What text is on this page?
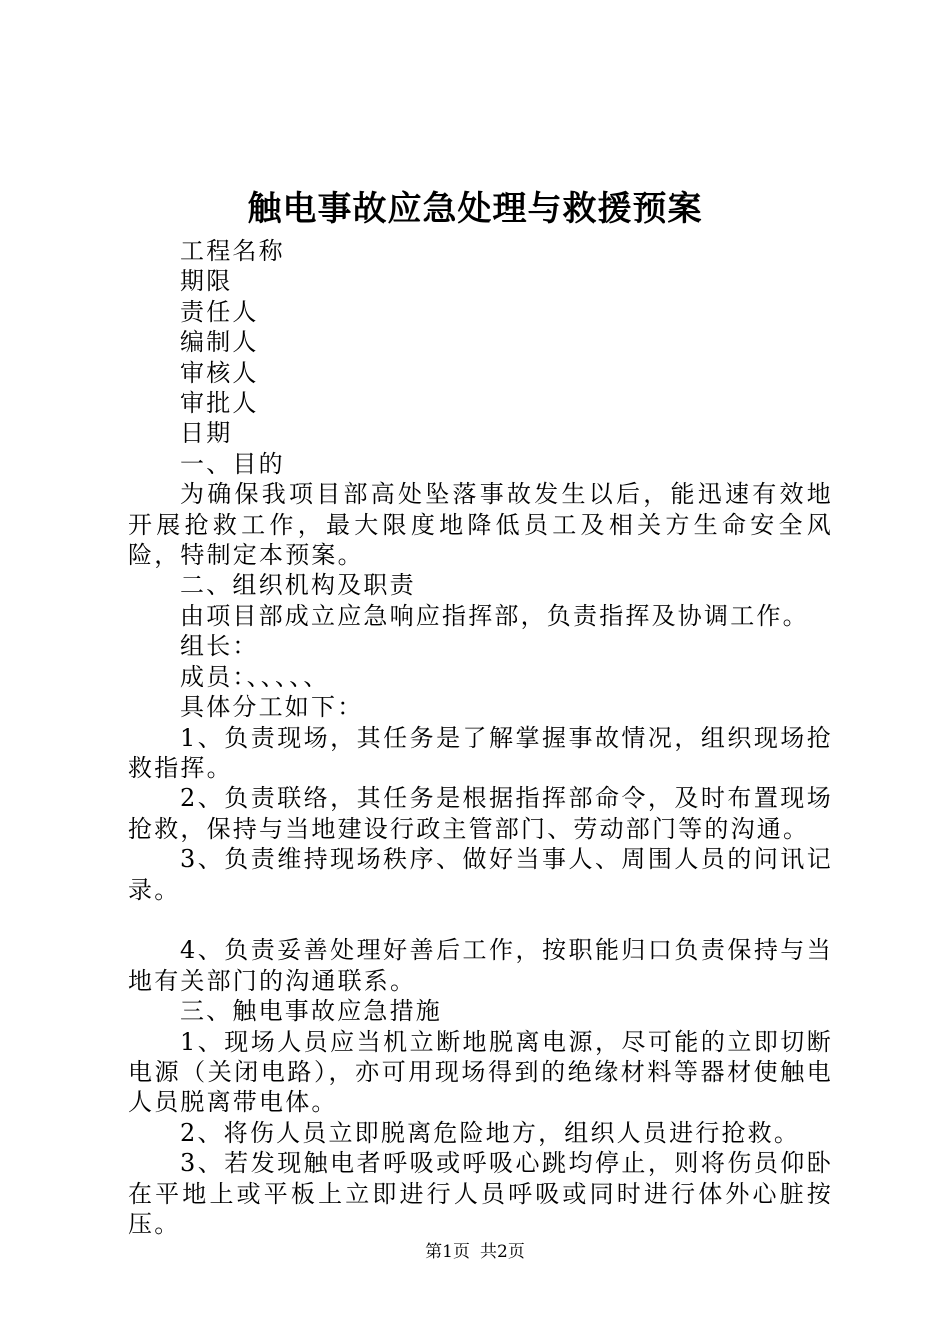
触电事故应急处理与救援预案

工程名称

期限

责任人

编制人

审核人

审批人

日期

一、目的

为确保我项目部高处坠落事故发生以后，能迅速有效地开展抢救工作，最大限度地降低员工及相关方生命安全风险，特制定本预案。

二、组织机构及职责

由项目部成立应急响应指挥部，负责指挥及协调工作。

组长：

成员：、、、、、

具体分工如下：

1、负责现场，其任务是了解掌握事故情况，组织现场抢救指挥。

2、负责联络，其任务是根据指挥部命令，及时布置现场抢救，保持与当地建设行政主管部门、劳动部门等的沟通。

3、负责维持现场秩序、做好当事人、周围人员的问讯记录。

4、负责妥善处理好善后工作，按职能归口负责保持与当地有关部门的沟通联系。

三、触电事故应急措施

1、现场人员应当机立断地脱离电源，尽可能的立即切断电源（关闭电路），亦可用现场得到的绝缘材料等器材使触电人员脱离带电体。

2、将伤人员立即脱离危险地方，组织人员进行抢救。

3、若发现触电者呼吸或呼吸心跳均停止，则将伤员仰卧在平地上或平板上立即进行人员呼吸或同时进行体外心脏按压。

第1页 共2页
